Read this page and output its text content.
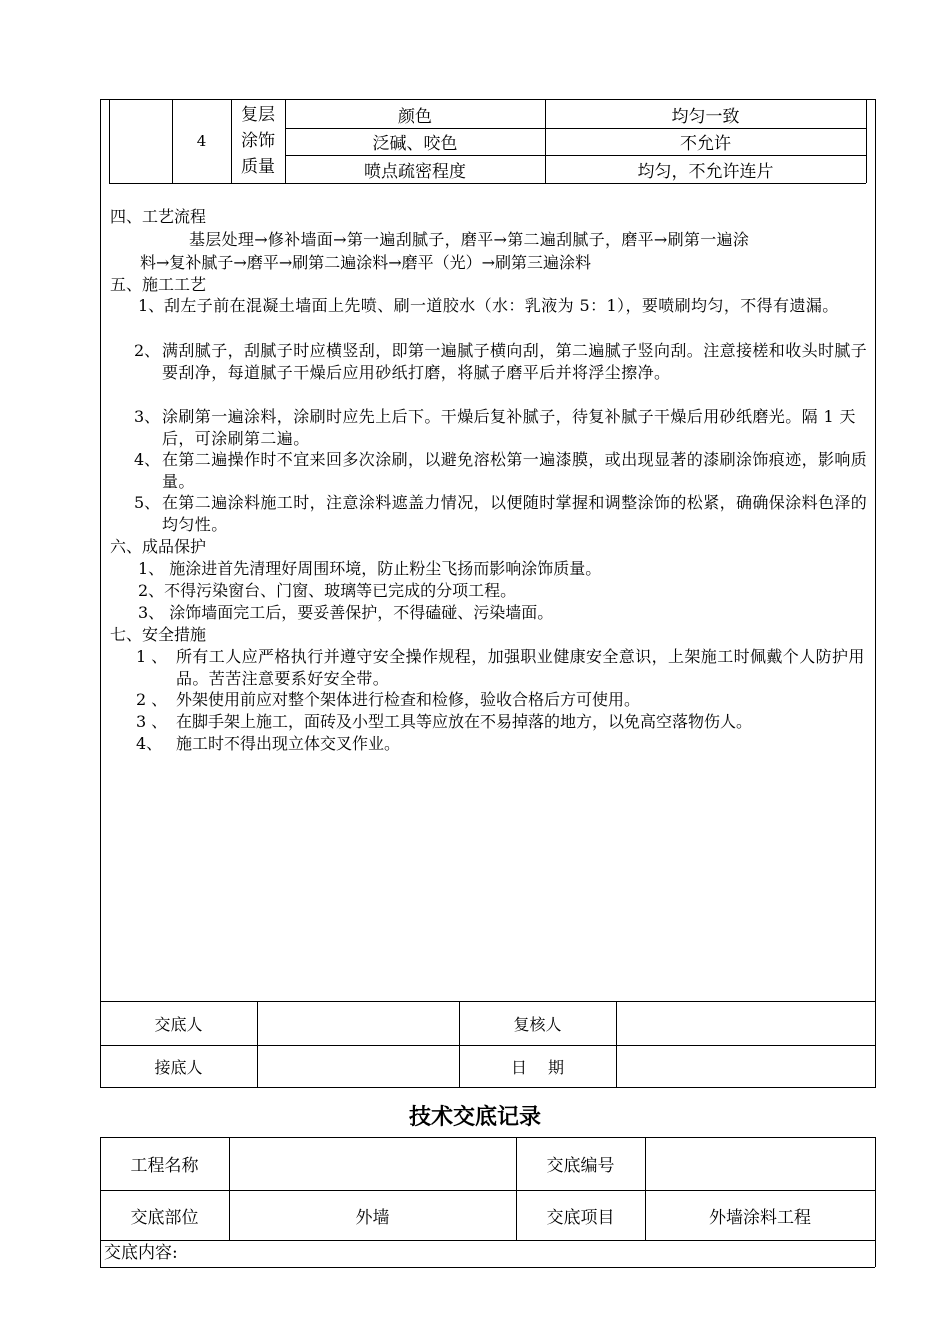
4
复层
涂饰
质量
颜色	均匀一致
泛碱、咬色	不允许
喷点疏密程度	均匀，不允许连片
四、工艺流程
基层处理→修补墙面→第一遍刮腻子，磨平→第二遍刮腻子，磨平→刷第一遍涂
料→复补腻子→磨平→刷第二遍涂料→磨平（光）→刷第三遍涂料
五、施工工艺
1、 刮左子前在混凝土墙面上先喷、刷一道胶水（水：乳液为 5：1），要喷刷均匀，不得有遗漏。
2、 满刮腻子，刮腻子时应横竖刮，即第一遍腻子横向刮，第二遍腻子竖向刮。注意接槎和收头时腻子要刮净，每道腻子干燥后应用砂纸打磨，将腻子磨平后并将浮尘擦净。
3、 涂刷第一遍涂料，涂刷时应先上后下。干燥后复补腻子，待复补腻子干燥后用砂纸磨光。隔 1 天后，可涂刷第二遍。
4、 在第二遍操作时不宜来回多次涂刷，以避免溶松第一遍漆膜，或出现显著的漆刷涂饰痕迹，影响质量。
5、 在第二遍涂料施工时，注意涂料遮盖力情况，以便随时掌握和调整涂饰的松紧，确确保涂料色泽的均匀性。
六、成品保护
1、 施涂进首先清理好周围环境，防止粉尘飞扬而影响涂饰质量。
2、不得污染窗台、门窗、玻璃等已完成的分项工程。
3、 涂饰墙面完工后，要妥善保护，不得磕碰、污染墙面。
七、安全措施
1 、 所有工人应严格执行并遵守安全操作规程，加强职业健康安全意识，上架施工时佩戴个人防护用品。苦苦注意要系好安全带。
2 、 外架使用前应对整个架体进行检查和检修，验收合格后方可使用。
3 、 在脚手架上施工，面砖及小型工具等应放在不易掉落的地方，以免高空落物伤人。
4、 施工时不得出现立体交叉作业。
交底人	复核人
接底人	日　 期
技术交底记录
工程名称	交底编号
交底部位	外墙	交底项目	外墙涂料工程
交底内容:
